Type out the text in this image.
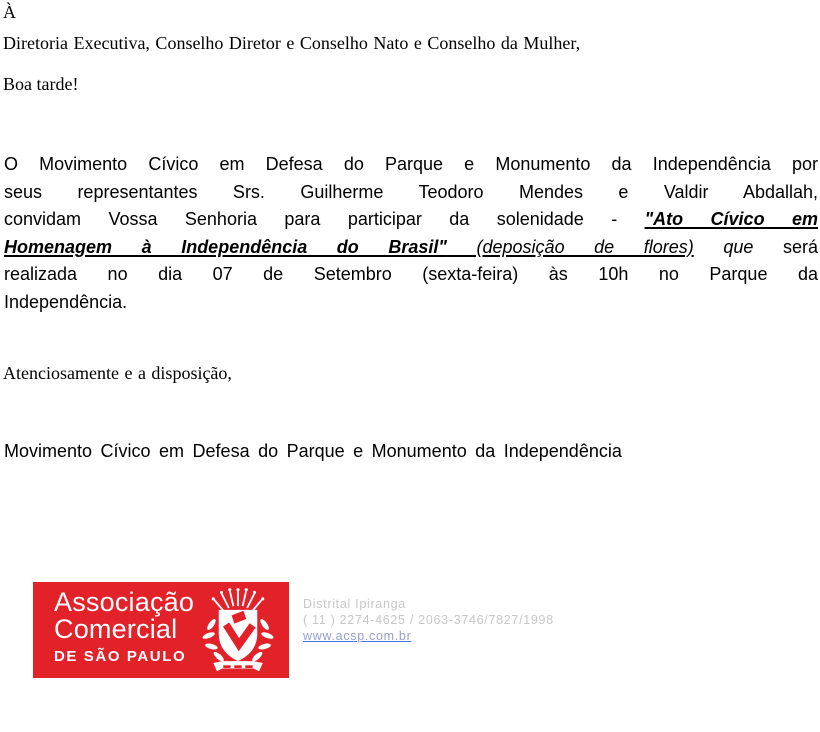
À
Diretoria Executiva, Conselho Diretor e Conselho Nato e Conselho da Mulher,
Boa tarde!
O Movimento Cívico em Defesa do Parque e Monumento da Independência por
seus representantes Srs. Guilherme Teodoro Mendes e Valdir Abdallah,
convidam Vossa Senhoria para participar da solenidade - "Ato Cívico em
Homenagem à Independência do Brasil" (deposição de flores) que será
realizada no dia 07 de Setembro (sexta-feira) às 10h no Parque da
Independência.
Atenciosamente e a disposição,
Movimento Cívico em Defesa do Parque e Monumento da Independência
Associação
Comercial
DE SÃO PAULO
Distrital Ipiranga
( 11 ) 2274-4625 / 2063-3746/7827/1998
www.acsp.com.br
